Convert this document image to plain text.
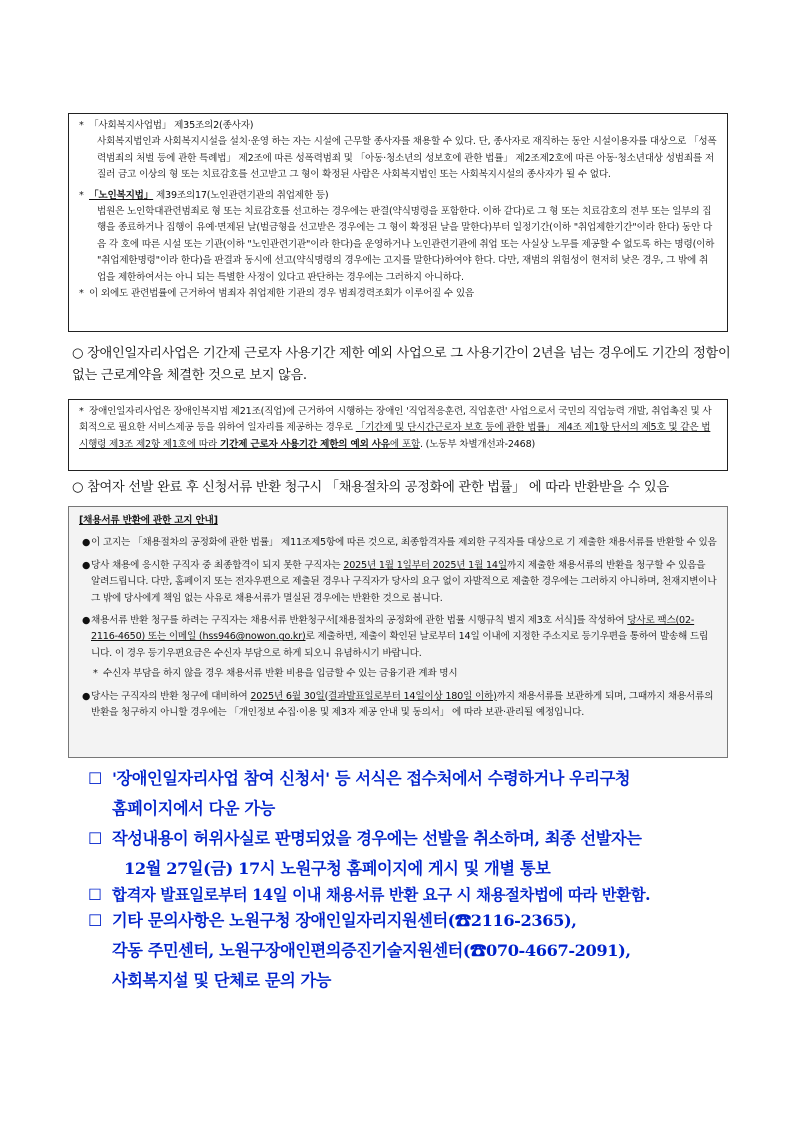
* 「사회복지사업법」 제35조의2(종사자)
사회복지법인과 사회복지시설을 설치·운영 하는 자는 시설에 근무할 종사자를 채용할 수 있다. 단, 종사자로 재직하는 동안 시설이용자를 대상으로 「성폭력범죄의 처벌 등에 관한 특례법」 제2조에 따른 성폭력범죄 및 「아동·청소년의 성보호에 관한 법률」 제2조제2호에 따른 아동·청소년대상 성범죄를 저질러 금고 이상의 형 또는 치료감호를 선고받고 그 형이 확정된 사람은 사회복지법인 또는 사회복지시설의 종사자가 될 수 없다.
* 「노인복지법」 제39조의17(노인관련기관의 취업제한 등)
법원은 노인학대관련범죄로 형 또는 치료감호를 선고하는 경우에는 판결(약식명령을 포함한다. 이하 같다)로 그 형 또는 치료감호의 전부 또는 일부의 집행을 종료하거나 집행이 유예·면제된 날(벌금형을 선고받은 경우에는 그 형이 확정된 날을 말한다)부터 일정기간(이하 "취업제한기간"이라 한다) 동안 다음 각 호에 따른 시설 또는 기관(이하 "노인관련기관"이라 한다)을 운영하거나 노인관련기관에 취업 또는 사실상 노무를 제공할 수 없도록 하는 명령(이하 "취업제한명령"이라 한다)을 판결과 동시에 선고(약식명령의 경우에는 고지를 말한다)하여야 한다. 다만, 재범의 위험성이 현저히 낮은 경우, 그 밖에 취업을 제한하여서는 아니 되는 특별한 사정이 있다고 판단하는 경우에는 그러하지 아니하다.
* 이 외에도 관련법률에 근거하여 범죄자 취업제한 기관의 경우 범죄경력조회가 이루어질 수 있음
○ 장애인일자리사업은 기간제 근로자 사용기간 제한 예외 사업으로 그 사용기간이 2년을 넘는 경우에도 기간의 정함이 없는 근로계약을 체결한 것으로 보지 않음.
* 장애인일자리사업은 장애인복지법 제21조(직업)에 근거하여 시행하는 장애인 '직업적응훈련, 직업훈련' 사업으로서 국민의 직업능력 개발, 취업촉진 및 사회적으로 필요한 서비스제공 등을 위하여 일자리를 제공하는 경우로 「기간제 및 단시간근로자 보호 등에 관한 법률」 제4조 제1항 단서의 제5호 및 같은 법 시행령 제3조 제2항 제1호에 따라 기간제 근로자 사용기간 제한의 예외 사유에 포함. (노동부 차별개선과-2468)
○ 참여자 선발 완료 후 신청서류 반환 청구시 「채용절차의 공정화에 관한 법률」 에 따라 반환받을 수 있음
[채용서류 반환에 관한 고지 안내]
●이 고지는 「채용절차의 공정화에 관한 법률」 제11조제5항에 따른 것으로, 최종합격자를 제외한 구직자를 대상으로 기 제출한 채용서류를 반환할 수 있음
●당사 채용에 응시한 구직자 중 최종합격이 되지 못한 구직자는 2025년 1월 1일부터 2025년 1월 14일까지 제출한 채용서류의 반환을 청구할 수 있음을 알려드립니다. 다만, 홈페이지 또는 전자우편으로 제출된 경우나 구직자가 당사의 요구 없이 자발적으로 제출한 경우에는 그러하지 아니하며, 천재지변이나 그 밖에 당사에게 책임 없는 사유로 채용서류가 멸실된 경우에는 반환한 것으로 봅니다.
●채용서류 반환 청구를 하려는 구직자는 채용서류 반환청구서[채용절차의 공정화에 관한 법률 시행규칙 별지 제3호 서식]를 작성하여 당사로 팩스(02-2116-4650) 또는 이메일 (hss946@nowon.go.kr)로 제출하면, 제출이 확인된 날로부터 14일 이내에 지정한 주소지로 등기우편을 통하여 발송해 드립니다. 이 경우 등기우편요금은 수신자 부담으로 하게 되오니 유념하시기 바랍니다.
* 수신자 부담을 하지 않을 경우 채용서류 반환 비용을 입금할 수 있는 금융기관 계좌 명시
●당사는 구직자의 반환 청구에 대비하여 2025년 6월 30일(결과발표일로부터 14일이상 180일 이하)까지 채용서류를 보관하게 되며, 그때까지 채용서류의 반환을 청구하지 아니할 경우에는 「개인정보 수집·이용 및 제3자 제공 안내 및 동의서」 에 따라 보관·관리될 예정입니다.
☐ '장애인일자리사업 참여 신청서' 등 서식은 접수처에서 수령하거나 우리구청
홈페이지에서 다운 가능
☐ 작성내용이 허위사실로 판명되었을 경우에는 선발을 취소하며, 최종 선발자는
12월 27일(금) 17시 노원구청 홈페이지에 게시 및 개별 통보
☐ 합격자 발표일로부터 14일 이내 채용서류 반환 요구 시 채용절차법에 따라 반환함.
☐ 기타 문의사항은 노원구청 장애인일자리지원센터(☎2116-2365),
각동 주민센터, 노원구장애인편의증진기술지원센터(☎070-4667-2091),
사회복지설 및 단체로 문의 가능
